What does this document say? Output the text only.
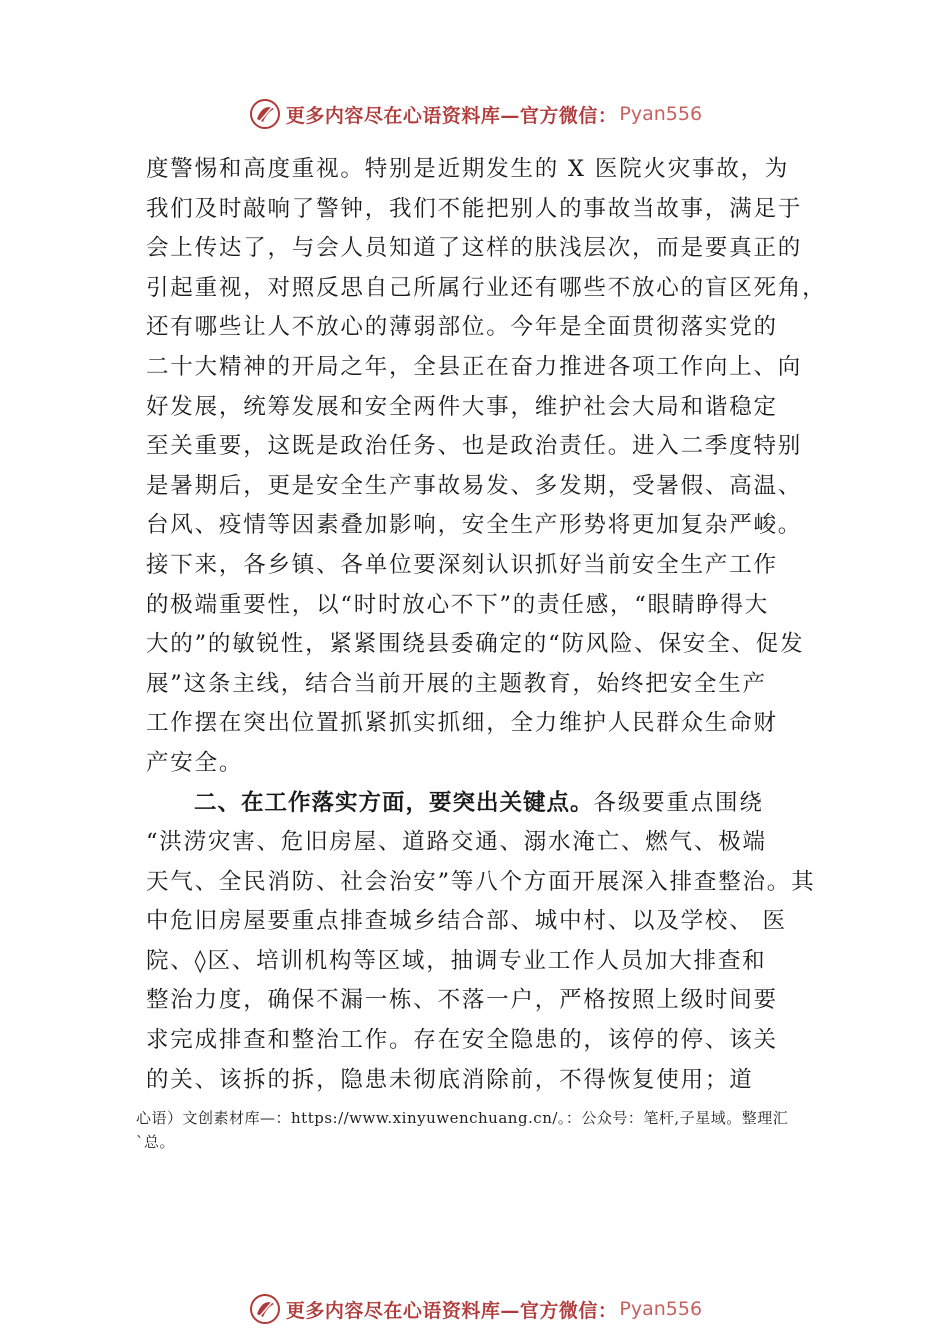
更多内容尽在心语资料库—官方微信： Pyan556
度警惕和高度重视。特别是近期发生的 X 医院火灾事故，为
我们及时敲响了警钟，我们不能把别人的事故当故事，满足于
会上传达了，与会人员知道了这样的肤浅层次，而是要真正的
引起重视，对照反思自己所属行业还有哪些不放心的盲区死角，
还有哪些让人不放心的薄弱部位。今年是全面贯彻落实党的
二十大精神的开局之年，全县正在奋力推进各项工作向上、向
好发展，统筹发展和安全两件大事，维护社会大局和谐稳定
至关重要，这既是政治任务、也是政治责任。进入二季度特别
是暑期后，更是安全生产事故易发、多发期，受暑假、高温、
台风、疫情等因素叠加影响，安全生产形势将更加复杂严峻。
接下来，各乡镇、各单位要深刻认识抓好当前安全生产工作
的极端重要性，以“时时放心不下”的责任感，“眼睛睁得大
大的”的敏锐性，紧紧围绕县委确定的“防风险、保安全、促发
展”这条主线，结合当前开展的主题教育，始终把安全生产
工作摆在突出位置抓紧抓实抓细，全力维护人民群众生命财
产安全。
二、在工作落实方面，要突出关键点。各级要重点围绕
“洪涝灾害、危旧房屋、道路交通、溺水淹亡、燃气、极端
天气、全民消防、社会治安”等八个方面开展深入排查整治。其
中危旧房屋要重点排查城乡结合部、城中村、以及学校、 医
院、◊区、培训机构等区域，抽调专业工作人员加大排查和
整治力度，确保不漏一栋、不落一户，严格按照上级时间要
求完成排查和整治工作。存在安全隐患的，该停的停、该关
的关、该拆的拆，隐患未彻底消除前，不得恢复使用；道
心语）文创素材库—：https://www.xinyuwenchuang.cn/。：公众号：笔杆,子星域。整理汇
`总。
更多内容尽在心语资料库—官方微信： Pyan556
